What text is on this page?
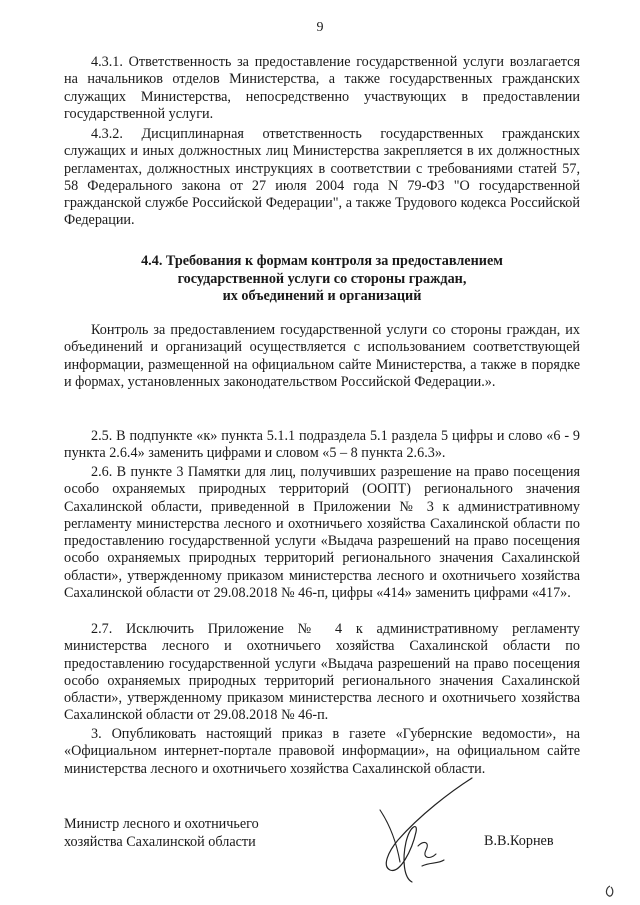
9

4.3.1. Ответственность за предоставление государственной услуги возлагается на начальников отделов Министерства, а также государственных гражданских служащих Министерства, непосредственно участвующих в предоставлении государственной услуги.

4.3.2. Дисциплинарная ответственность государственных гражданских служащих и иных должностных лиц Министерства закрепляется в их должностных регламентах, должностных инструкциях в соответствии с требованиями статей 57, 58 Федерального закона от 27 июля 2004 года N 79-ФЗ "О государственной гражданской службе Российской Федерации", а также Трудового кодекса Российской Федерации.

4.4. Требования к формам контроля за предоставлением
государственной услуги со стороны граждан,
их объединений и организаций

Контроль за предоставлением государственной услуги со стороны граждан, их объединений и организаций осуществляется с использованием соответствующей информации, размещенной на официальном сайте Министерства, а также в порядке и формах, установленных законодательством Российской Федерации.».

2.5. В подпункте «к» пункта 5.1.1 подраздела 5.1 раздела 5 цифры и слово «6 - 9 пункта 2.6.4» заменить цифрами и словом «5 – 8 пункта 2.6.3».

2.6. В пункте 3 Памятки для лиц, получивших разрешение на право посещения особо охраняемых природных территорий (ООПТ) регионального значения Сахалинской области, приведенной в Приложении № 3 к административному регламенту министерства лесного и охотничьего хозяйства Сахалинской области по предоставлению государственной услуги «Выдача разрешений на право посещения особо охраняемых природных территорий регионального значения Сахалинской области», утвержденному приказом министерства лесного и охотничьего хозяйства Сахалинской области от 29.08.2018 № 46-п, цифры «414» заменить цифрами «417».

2.7. Исключить Приложение № 4 к административному регламенту министерства лесного и охотничьего хозяйства Сахалинской области по предоставлению государственной услуги «Выдача разрешений на право посещения особо охраняемых природных территорий регионального значения Сахалинской области», утвержденному приказом министерства лесного и охотничьего хозяйства Сахалинской области от 29.08.2018 № 46-п.

3. Опубликовать настоящий приказ в газете «Губернские ведомости», на «Официальном интернет-портале правовой информации», на официальном сайте министерства лесного и охотничьего хозяйства Сахалинской области.

Министр лесного и охотничьего
хозяйства Сахалинской области	В.В.Корнев
